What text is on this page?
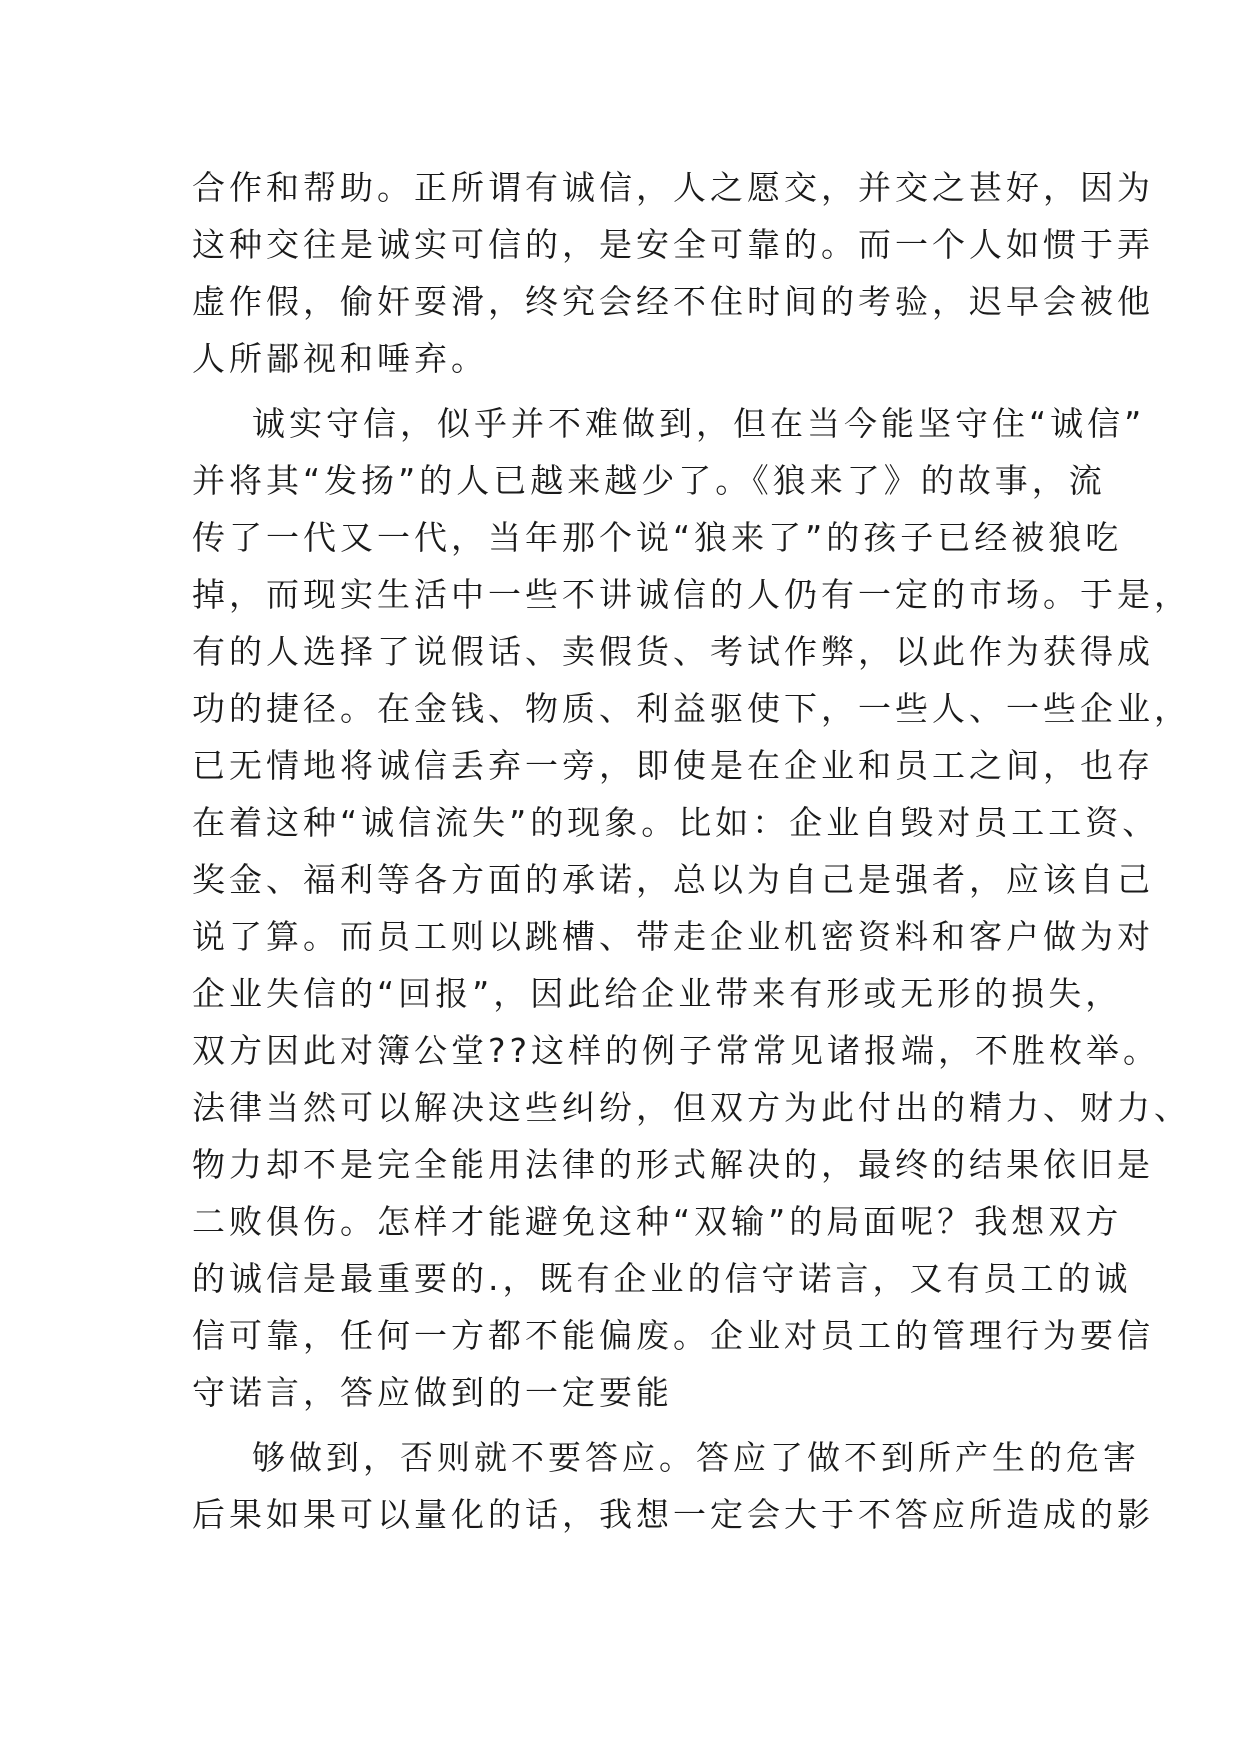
合作和帮助。正所谓有诚信，人之愿交，并交之甚好，因为
这种交往是诚实可信的，是安全可靠的。而一个人如惯于弄
虚作假，偷奸耍滑，终究会经不住时间的考验，迟早会被他
人所鄙视和唾弃。
诚实守信，似乎并不难做到，但在当今能坚守住“诚信”
并将其“发扬”的人已越来越少了。《狼来了》的故事，流
传了一代又一代，当年那个说“狼来了”的孩子已经被狼吃
掉，而现实生活中一些不讲诚信的人仍有一定的市场。于是，
有的人选择了说假话、卖假货、考试作弊，以此作为获得成
功的捷径。在金钱、物质、利益驱使下，一些人、一些企业，
已无情地将诚信丢弃一旁，即使是在企业和员工之间，也存
在着这种“诚信流失”的现象。比如：企业自毁对员工工资、
奖金、福利等各方面的承诺，总以为自己是强者，应该自己
说了算。而员工则以跳槽、带走企业机密资料和客户做为对
企业失信的“回报”，因此给企业带来有形或无形的损失，
双方因此对簿公堂??这样的例子常常见诸报端，不胜枚举。
法律当然可以解决这些纠纷，但双方为此付出的精力、财力、
物力却不是完全能用法律的形式解决的，最终的结果依旧是
二败俱伤。怎样才能避免这种“双输”的局面呢？我想双方
的诚信是最重要的.，既有企业的信守诺言，又有员工的诚
信可靠，任何一方都不能偏废。企业对员工的管理行为要信
守诺言，答应做到的一定要能
够做到，否则就不要答应。答应了做不到所产生的危害
后果如果可以量化的话，我想一定会大于不答应所造成的影
